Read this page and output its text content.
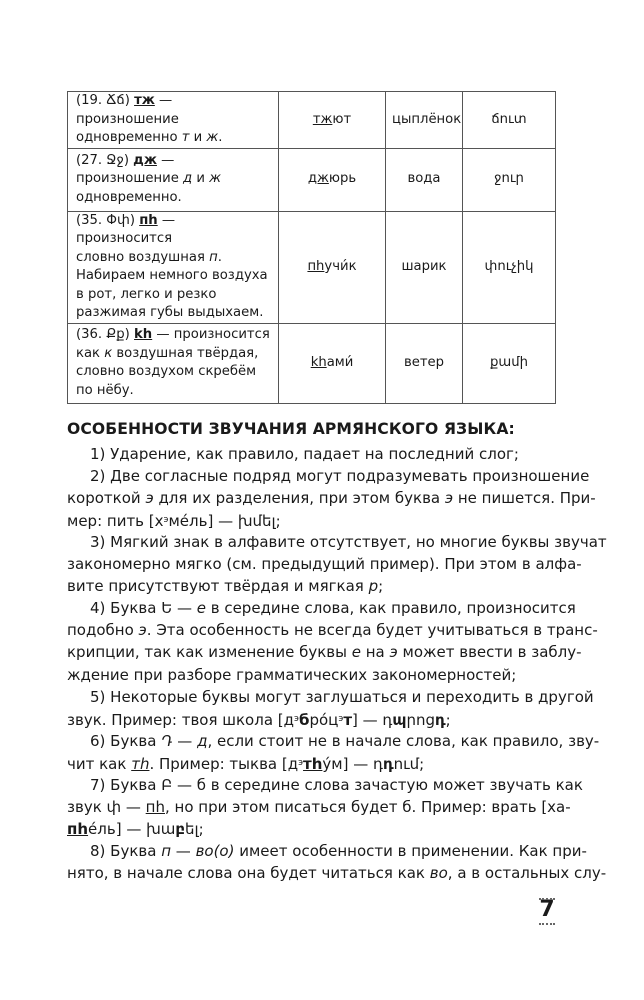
(19. Ճճ) тж — произношение
одновременно т и ж.	тжют	цыплёнок	ճուտ
(27. Ջջ) дж —
произношение д и ж
одновременно.	джюрь	вода	ջուր
(35. Փփ) пh — произносится
словно воздушная п.
Набираем немного воздуха
в рот, легко и резко
разжимая губы выдыхаем.	пhучи́к	шарик	փուչիկ
(36. Քք) kh — произносится
как к воздушная твёрдая,
словно воздухом скребём
по нёбу.	khами́	ветер	քամի
ОСОБЕННОСТИ ЗВУЧАНИЯ АРМЯНСКОГО ЯЗЫКА:
1) Ударение, как правило, падает на последний слог;
2) Две согласные подряд могут подразумевать произношение
короткой э для их разделения, при этом буква э не пишется. При-
мер: пить $[х^эме́ль]$ — խմել;
3) Мягкий знак в алфавите отсутствует, но многие буквы звучат
закономерно мягко (см. предыдущий пример). При этом в алфа-
вите присутствуют твёрдая и мягкая р;
4) Буква Ե — е в середине слова, как правило, произносится
подобно э. Эта особенность не всегда будет учитываться в транс-
крипции, так как изменение буквы е на э может ввести в заблу-
ждение при разборе грамматических закономерностей;
5) Некоторые буквы могут заглушаться и переходить в другой
звук. Пример: твоя школа $[д^эбро́ц^эт]$ — դպրոցդ;
6) Буква Դ — д, если стоит не в начале слова, как правило, зву-
чит как тh. Пример: тыква $[д^этhу́м]$ — դդում;
7) Буква Բ — б в середине слова зачастую может звучать как
звук փ — пh, но при этом писаться будет б. Пример: врать [ха-
пhе́ль] — խաբել;
8) Буква п — во(о) имеет особенности в применении. Как при-
нято, в начале слова она будет читаться как во, а в остальных слу-
7
